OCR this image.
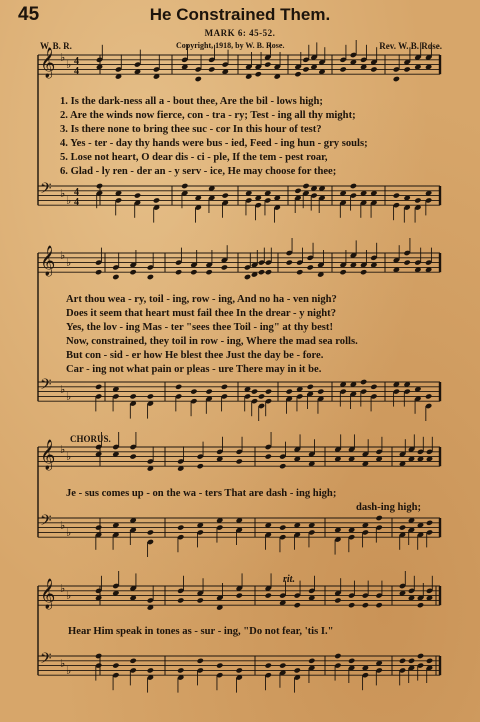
𝄞 ♭
♭ 4
4
𝄢 ♭
♭
4
4
𝄞 ♭
♭
𝄢 ♭
♭
𝄞 ♭
♭
𝄢 ♭
♭
𝄞 ♭
♭
𝄢 ♭
♭
45	He Constrained Them.
MARK 6: 45-52.
W. B. R.	Copyright, 1918, by W. B. Rose.	Rev. W. B. Rose.
1. Is the dark-ness all a - bout thee, Are the bil - lows high;
2. Are the winds now fierce, con - tra - ry; Test - ing all thy might;
3. Is there none to bring thee suc - cor In this hour of test?
4. Yes - ter - day thy hands were bus - ied, Feed - ing hun - gry souls;
5. Lose not heart, O dear dis - ci - ple, If the tem - pest roar,
6. Glad - ly ren - der an - y serv - ice, He may choose for thee;
Art thou wea - ry, toil - ing, row - ing, And no ha - ven nigh?
Does it seem that heart must fail thee In the drear - y night?
Yes, the lov - ing Mas - ter "sees thee Toil - ing" at thy best!
Now, constrained, they toil in row - ing, Where the mad sea rolls.
But con - sid - er how He blest thee Just the day be - fore.
Car - ing not what pain or pleas - ure There may in it be.
CHORUS.
Je - sus comes up - on the wa - ters That are dash - ing high;
dash-ing high;
rit.
Hear Him speak in tones as - sur - ing, "Do not fear, 'tis I."
